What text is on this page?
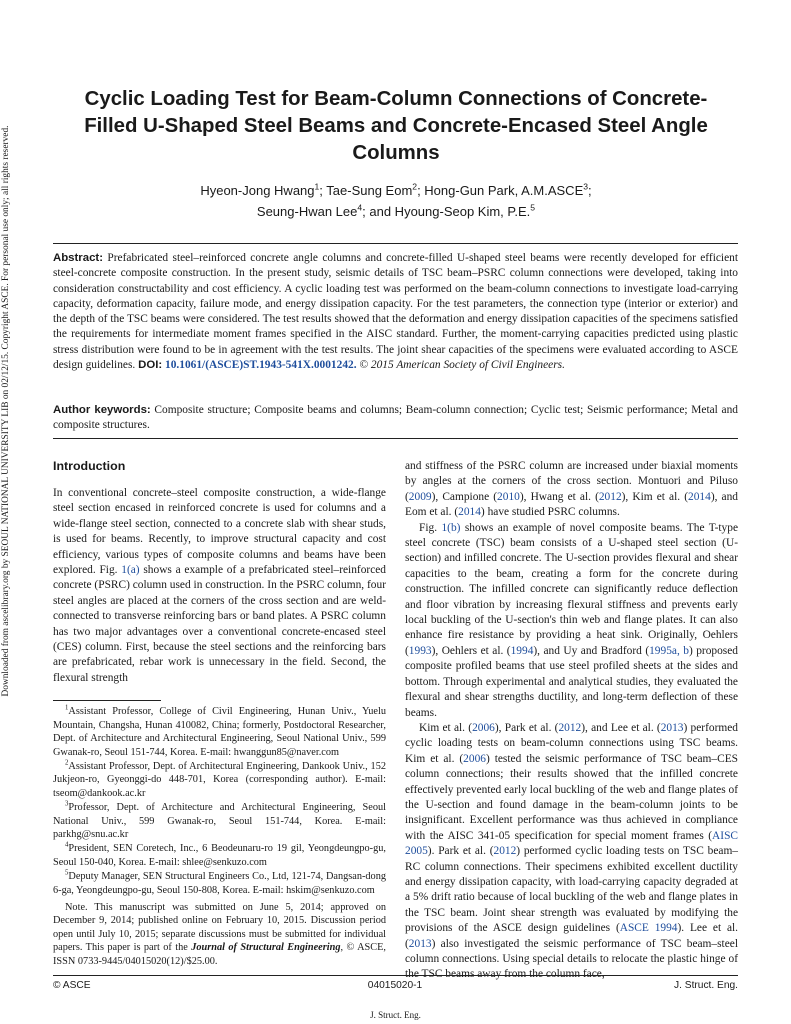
Downloaded from ascelibrary.org by SEOUL NATIONAL UNIVERSITY LIB on 02/12/15. Copyright ASCE. For personal use only; all rights reserved.
Cyclic Loading Test for Beam-Column Connections of Concrete-Filled U-Shaped Steel Beams and Concrete-Encased Steel Angle Columns
Hyeon-Jong Hwang$^1$; Tae-Sung Eom$^2$; Hong-Gun Park, A.M.ASCE$^3$;
Seung-Hwan Lee$^4$; and Hyoung-Seop Kim, P.E.$^5$

Abstract: Prefabricated steel–reinforced concrete angle columns and concrete-filled U-shaped steel beams were recently developed for efficient steel-concrete composite construction. In the present study, seismic details of TSC beam–PSRC column connections were developed, taking into consideration constructability and cost efficiency. A cyclic loading test was performed on the beam-column connections to investigate load-carrying capacity, deformation capacity, failure mode, and energy dissipation capacity. For the test parameters, the connection type (interior or exterior) and the depth of the TSC beams were considered. The test results showed that the deformation and energy dissipation capacities of the specimens satisfied the requirements for intermediate moment frames specified in the AISC standard. Further, the moment-carrying capacities predicted using plastic stress distribution were found to be in agreement with the test results. The joint shear capacities of the specimens were evaluated according to ASCE design guidelines. DOI: 10.1061/(ASCE)ST.1943-541X.0001242. © 2015 American Society of Civil Engineers.

Author keywords: Composite structure; Composite beams and columns; Beam-column connection; Cyclic test; Seismic performance; Metal and composite structures.

Introduction

In conventional concrete–steel composite construction, a wide-flange steel section encased in reinforced concrete is used for columns and a wide-flange steel section, connected to a concrete slab with shear studs, is used for beams. Recently, to improve structural capacity and cost efficiency, various types of composite columns and beams have been explored. Fig. 1(a) shows a example of a prefabricated steel–reinforced concrete (PSRC) column used in construction. In the PSRC column, four steel angles are placed at the corners of the cross section and are weld-connected to transverse reinforcing bars or band plates. A PSRC column has two major advantages over a conventional concrete-encased steel (CES) column. First, because the steel sections and the reinforcing bars are prefabricated, rebar work is unnecessary in the field. Second, the flexural strength

$^1$Assistant Professor, College of Civil Engineering, Hunan Univ., Yuelu Mountain, Changsha, Hunan 410082, China; formerly, Postdoctoral Researcher, Dept. of Architecture and Architectural Engineering, Seoul National Univ., 599 Gwanak-ro, Seoul 151-744, Korea. E-mail: hwanggun85@naver.com

$^2$Assistant Professor, Dept. of Architectural Engineering, Dankook Univ., 152 Jukjeon-ro, Gyeonggi-do 448-701, Korea (corresponding author). E-mail: tseom@dankook.ac.kr

$^3$Professor, Dept. of Architecture and Architectural Engineering, Seoul National Univ., 599 Gwanak-ro, Seoul 151-744, Korea. E-mail: parkhg@snu.ac.kr

$^4$President, SEN Coretech, Inc., 6 Beodeunaru-ro 19 gil, Yeongdeungpo-gu, Seoul 150-040, Korea. E-mail: shlee@senkuzo.com

$^5$Deputy Manager, SEN Structural Engineers Co., Ltd, 121-74, Dangsan-dong 6-ga, Yeongdeungpo-gu, Seoul 150-808, Korea. E-mail: hskim@senkuzo.com

Note. This manuscript was submitted on June 5, 2014; approved on December 9, 2014; published online on February 10, 2015. Discussion period open until July 10, 2015; separate discussions must be submitted for individual papers. This paper is part of the Journal of Structural Engineering, © ASCE, ISSN 0733-9445/04015020(12)/$25.00.

and stiffness of the PSRC column are increased under biaxial moments by angles at the corners of the cross section. Montuori and Piluso (2009), Campione (2010), Hwang et al. (2012), Kim et al. (2014), and Eom et al. (2014) have studied PSRC columns.

Fig. 1(b) shows an example of novel composite beams. The T-type steel concrete (TSC) beam consists of a U-shaped steel section (U-section) and infilled concrete. The U-section provides flexural and shear capacities to the beam, creating a form for the concrete during construction. The infilled concrete can significantly reduce deflection and floor vibration by increasing flexural stiffness and prevents early local buckling of the U-section's thin web and flange plates. It can also enhance fire resistance by providing a heat sink. Originally, Oehlers (1993), Oehlers et al. (1994), and Uy and Bradford (1995a, b) proposed composite profiled beams that use steel profiled sheets at the sides and bottom. Through experimental and analytical studies, they evaluated the flexural and shear strengths ductility, and long-term deflection of these beams.

Kim et al. (2006), Park et al. (2012), and Lee et al. (2013) performed cyclic loading tests on beam-column connections using TSC beams. Kim et al. (2006) tested the seismic performance of TSC beam–CES column connections; their results showed that the infilled concrete effectively prevented early local buckling of the web and flange plates of the U-section and found damage in the beam-column joints to be insignificant. Excellent performance was thus achieved in compliance with the AISC 341-05 specification for special moment frames (AISC 2005). Park et al. (2012) performed cyclic loading tests on TSC beam–RC column connections. Their specimens exhibited excellent ductility and energy dissipation capacity, with load-carrying capacity degraded at a 5% drift ratio because of local buckling of the web and flange plates in the TSC beam. Joint shear strength was evaluated by modifying the provisions of the ASCE design guidelines (ASCE 1994). Lee et al. (2013) also investigated the seismic performance of TSC beam–steel column connections. Using special details to relocate the plastic hinge of

© ASCE	04015020-1	J. Struct. Eng.
J. Struct. Eng.
